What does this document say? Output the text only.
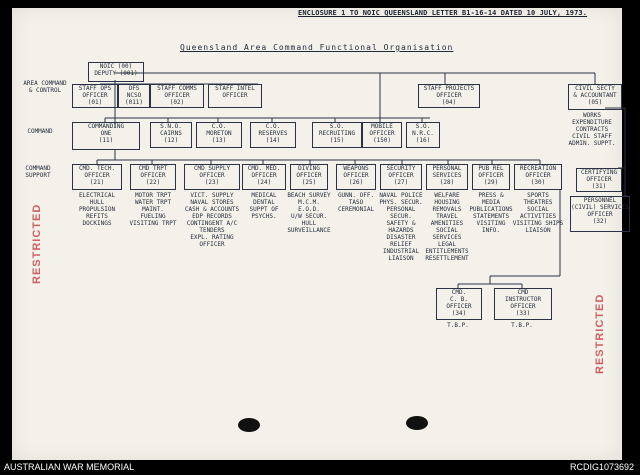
ENCLOSURE 1 TO NOIC QUEENSLAND LETTER B1-16-14 DATED 10 JULY, 1973.
Queensland Area Command Functional Organisation
AREA COMMAND & CONTROL
COMMAND
COMMAND SUPPORT
NOIC (00)
DEPUTY (001)
STAFF OPS
OFFICER
(01)
OFS
NCSO
(011)
STAFF COMMS
OFFICER
(02)
STAFF INTEL
OFFICER
STAFF PROJECTS
OFFICER
(04)
CIVIL SECTY
& ACCOUNTANT
(05)
WORKS
EXPENDITURE
CONTRACTS
CIVIL STAFF
ADMIN. SUPPT.
COMMANDING
ONE
(11)
S.N.O.
CAIRNS
(12)
C.O.
MORETON
(13)
C.O.
RESERVES
(14)
S.O.
RECRUITING
(15)
MOBILE
OFFICER
(150)
S.O.
N.R.C.
(16)
CMD. TECH.
OFFICER
(21)
ELECTRICAL
HULL
PROPULSION
REFITS
DOCKINGS
CMD TRPT
OFFICER
(22)
MOTOR TRPT
WATER TRPT
MAINT.
FUELING
VISITING TRPT
CMD SUPPLY
OFFICER
(23)
VICT. SUPPLY
NAVAL STORES
CASH & ACCOUNTS
EDP RECORDS
CONTINGENT A/C
TENDERS
EXPL. RATING
OFFICER
CMD. MED.
OFFICER
(24)
MEDICAL
DENTAL
SUPPT OF
PSYCHS.
DIVING
OFFICER
(25)
BEACH SURVEY
M.C.M.
E.O.D.
U/W SECUR.
HULL
SURVEILLANCE
WEAPONS
OFFICER
(26)
GUNN. OFF.
TASO
CEREMONIAL
SECURITY
OFFICER
(27)
NAVAL POLICE
PHYS. SECUR.
PERSONAL SECUR.
SAFETY &
HAZARDS
DISASTER
RELIEF
INDUSTRIAL
LIAISON
PERSONAL
SERVICES
(28)
WELFARE
HOUSING
REMOVALS
TRAVEL
AMENITIES
SOCIAL
SERVICES
LEGAL
ENTITLEMENTS
RESETTLEMENT
PUB REL
OFFICER
(29)
PRESS &
MEDIA
PUBLICATIONS
STATEMENTS
VISITING
INFO.
RECREATION
OFFICER
(30)
SPORTS
THEATRES
SOCIAL ACTIVITIES
VISITING SHIPS
LIAISON
CERTIFYING
OFFICER
(31)
PERSONNEL
(CIVIL) SERVICES
OFFICER
(32)
CMD.
C. B.
OFFICER
(34)
CMD
INSTRUCTOR
OFFICER
(33)
T.B.P.	T.B.P.
RESTRICTED
RESTRICTED
AUSTRALIAN WAR MEMORIAL	RCDIG1073692
